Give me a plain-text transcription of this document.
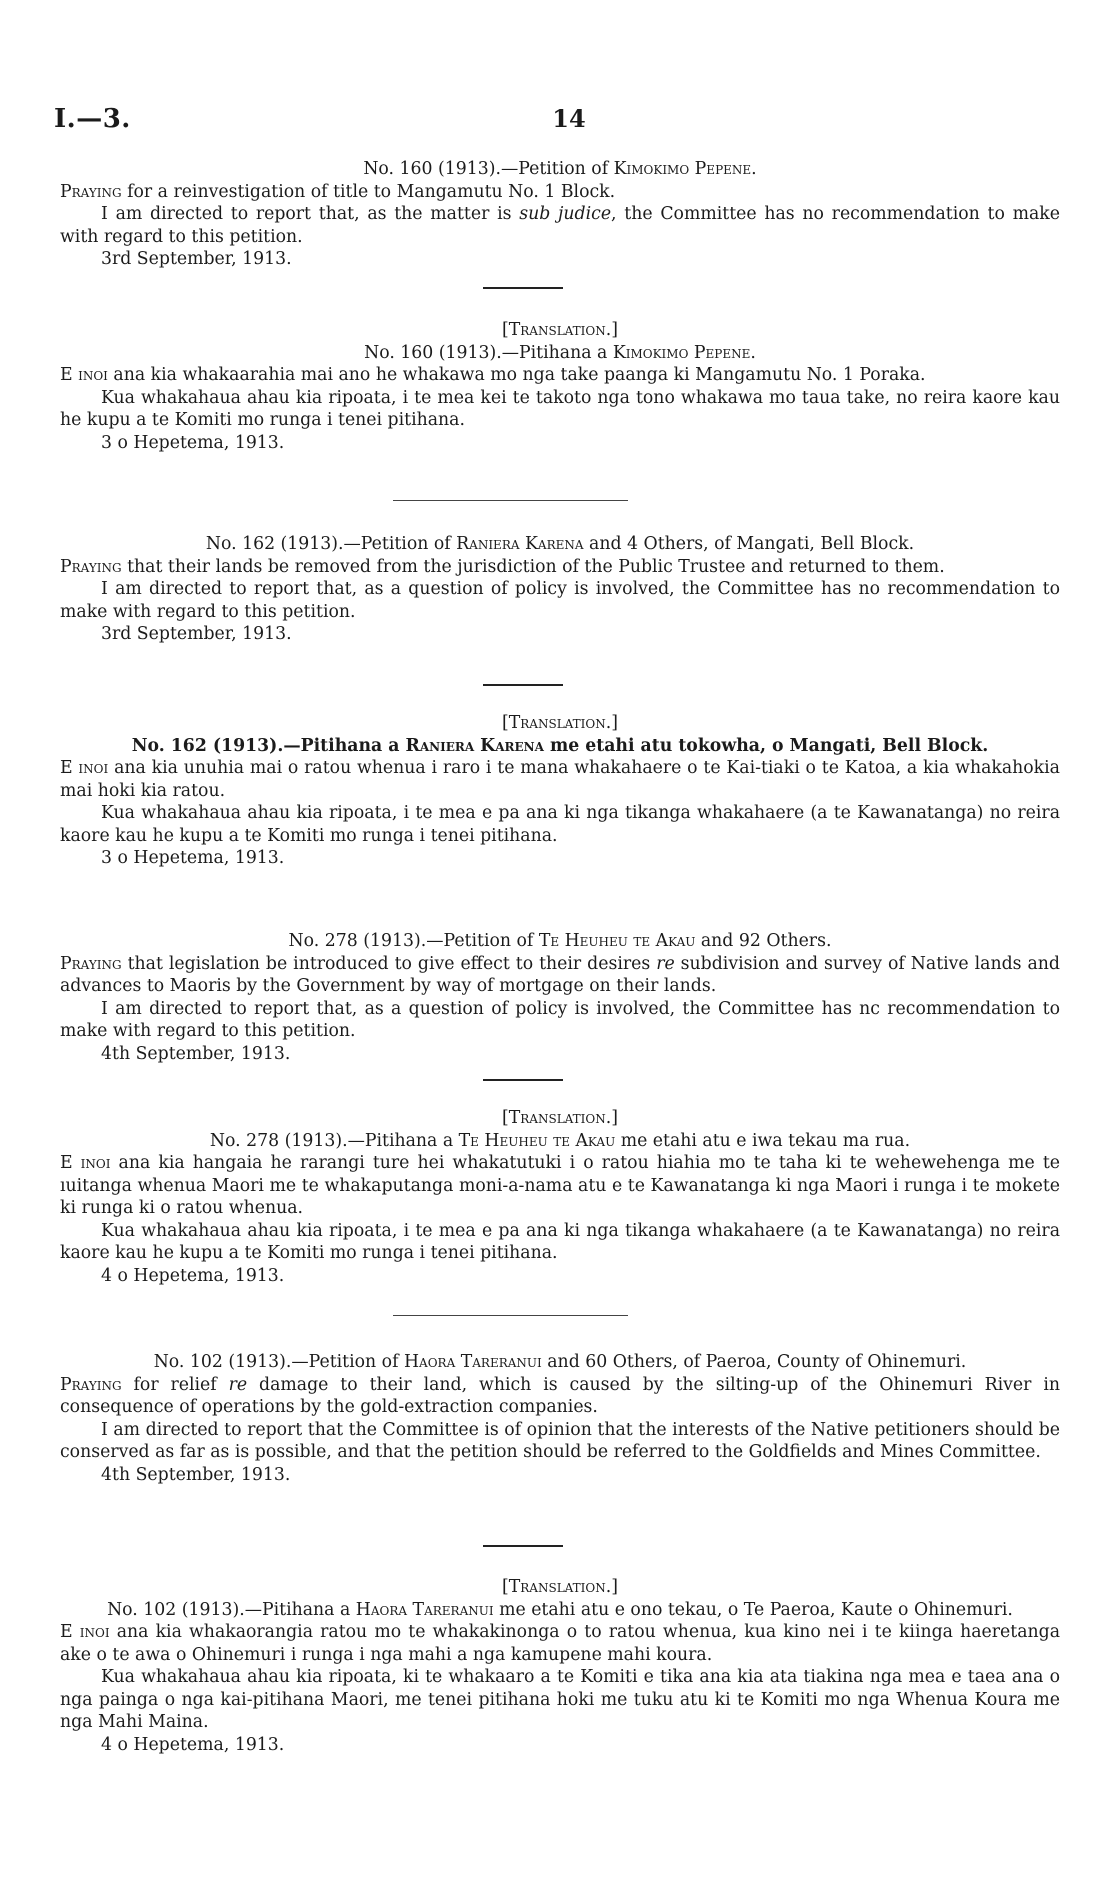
I.—3.	14

No. 160 (1913).—Petition of Kimokimo Pepene.

Praying for a reinvestigation of title to Mangamutu No. 1 Block.

I am directed to report that, as the matter is sub judice, the Committee has no recommendation to make with regard to this petition.

3rd September, 1913.

[Translation.]

No. 160 (1913).—Pitihana a Kimokimo Pepene.

E inoi ana kia whakaarahia mai ano he whakawa mo nga take paanga ki Mangamutu No. 1 Poraka.

Kua whakahaua ahau kia ripoata, i te mea kei te takoto nga tono whakawa mo taua take, no reira kaore kau he kupu a te Komiti mo runga i tenei pitihana.

3 o Hepetema, 1913.

No. 162 (1913).—Petition of Raniera Karena and 4 Others, of Mangati, Bell Block.

Praying that their lands be removed from the jurisdiction of the Public Trustee and returned to them.

I am directed to report that, as a question of policy is involved, the Committee has no recommendation to make with regard to this petition.

3rd September, 1913.

[Translation.]

No. 162 (1913).—Pitihana a Raniera Karena me etahi atu tokowha, o Mangati, Bell Block.

E inoi ana kia unuhia mai o ratou whenua i raro i te mana whakahaere o te Kai-tiaki o te Katoa, a kia whakahokia mai hoki kia ratou.

Kua whakahaua ahau kia ripoata, i te mea e pa ana ki nga tikanga whakahaere (a te Kawanatanga) no reira kaore kau he kupu a te Komiti mo runga i tenei pitihana.

3 o Hepetema, 1913.

No. 278 (1913).—Petition of Te Heuheu te Akau and 92 Others.

Praying that legislation be introduced to give effect to their desires re subdivision and survey of Native lands and advances to Maoris by the Government by way of mortgage on their lands.

I am directed to report that, as a question of policy is involved, the Committee has nc recommendation to make with regard to this petition.

4th September, 1913.

[Translation.]

No. 278 (1913).—Pitihana a Te Heuheu te Akau me etahi atu e iwa tekau ma rua.

E inoi ana kia hangaia he rarangi ture hei whakatutuki i o ratou hiahia mo te taha ki te wehewehenga me te ıuitanga whenua Maori me te whakaputanga moni-a-nama atu e te Kawanatanga ki nga Maori i runga i te mokete ki runga ki o ratou whenua.

Kua whakahaua ahau kia ripoata, i te mea e pa ana ki nga tikanga whakahaere (a te Kawanatanga) no reira kaore kau he kupu a te Komiti mo runga i tenei pitihana.

4 o Hepetema, 1913.

No. 102 (1913).—Petition of Haora Tareranui and 60 Others, of Paeroa, County of Ohinemuri.

Praying for relief re damage to their land, which is caused by the silting-up of the Ohinemuri River in consequence of operations by the gold-extraction companies.

I am directed to report that the Committee is of opinion that the interests of the Native petitioners should be conserved as far as is possible, and that the petition should be referred to the Goldfields and Mines Committee.

4th September, 1913.

[Translation.]

No. 102 (1913).—Pitihana a Haora Tareranui me etahi atu e ono tekau, o Te Paeroa, Kaute o Ohinemuri.

E inoi ana kia whakaorangia ratou mo te whakakinonga o to ratou whenua, kua kino nei i te kiinga haeretanga ake o te awa o Ohinemuri i runga i nga mahi a nga kamupene mahi koura.

Kua whakahaua ahau kia ripoata, ki te whakaaro a te Komiti e tika ana kia ata tiakina nga mea e taea ana o nga painga o nga kai-pitihana Maori, me tenei pitihana hoki me tuku atu ki te Komiti mo nga Whenua Koura me nga Mahi Maina.

4 o Hepetema, 1913.
